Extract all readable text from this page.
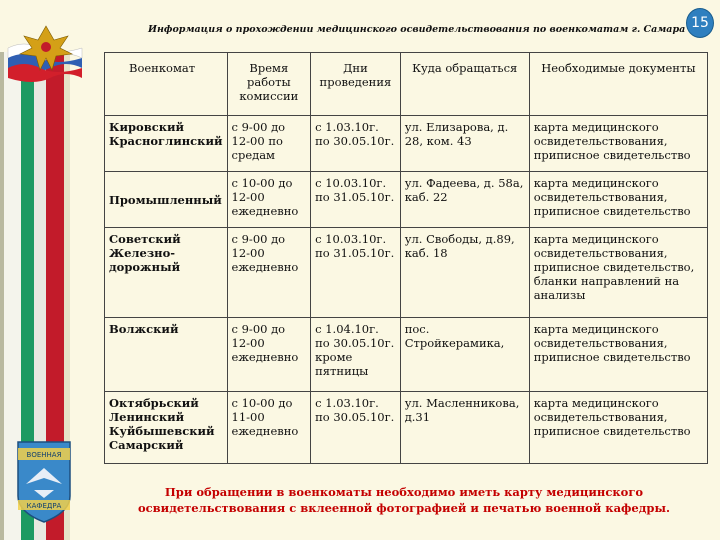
ВОЕННАЯ
КАФЕДРА
Информация о прохождении медицинского освидетельствования по военкоматам г. Самара 15
Военкомат	Время работы комиссии	Дни проведения	Куда обращаться	Необходимые документы
Кировский Красноглинский	с 9-00 до 12-00 по средам	с 1.03.10г. по 30.05.10г.	ул. Елизарова, д. 28, ком. 43	карта медицинского освидетельствования, приписное свидетельство
Промышленный	с 10-00 до 12-00 ежедневно	с 10.03.10г. по 31.05.10г.	ул. Фадеева, д. 58а, каб. 22	карта медицинского освидетельствования, приписное свидетельство
Советский Железно-дорожный	с 9-00 до 12-00 ежедневно	с 10.03.10г. по 31.05.10г.	ул. Свободы, д.89, каб. 18	карта медицинского освидетельствования, приписное свидетельство, бланки направлений на анализы
Волжский	с 9-00 до 12-00 ежедневно	с 1.04.10г. по 30.05.10г. кроме пятницы	пос. Стройкерамика,	карта медицинского освидетельствования, приписное свидетельство
Октябрьский Ленинский Куйбышевский Самарский	с 10-00 до 11-00 ежедневно	с 1.03.10г. по 30.05.10г.	ул. Масленникова, д.31	карта медицинского освидетельствования, приписное свидетельство
При обращении в военкоматы необходимо иметь карту медицинского освидетельствования с вклеенной фотографией и печатью военной кафедры.
